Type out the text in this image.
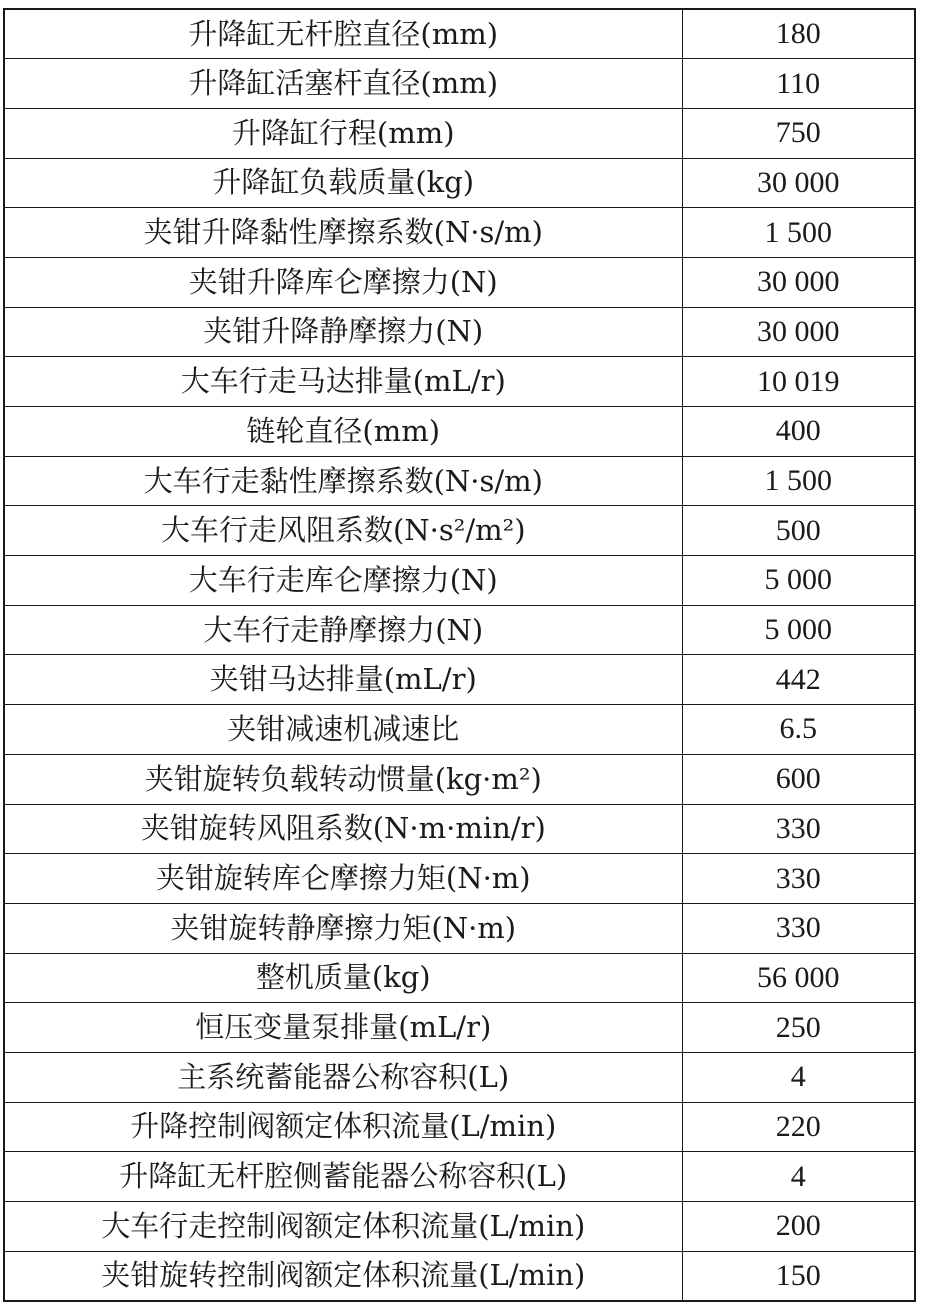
升降缸无杆腔直径(mm)	180
升降缸活塞杆直径(mm)	110
升降缸行程(mm)	750
升降缸负载质量(kg)	30 000
夹钳升降黏性摩擦系数(N·s/m)	1 500
夹钳升降库仑摩擦力(N)	30 000
夹钳升降静摩擦力(N)	30 000
大车行走马达排量(mL/r)	10 019
链轮直径(mm)	400
大车行走黏性摩擦系数(N·s/m)	1 500
大车行走风阻系数(N·s²/m²)	500
大车行走库仑摩擦力(N)	5 000
大车行走静摩擦力(N)	5 000
夹钳马达排量(mL/r)	442
夹钳减速机减速比	6.5
夹钳旋转负载转动惯量(kg·m²)	600
夹钳旋转风阻系数(N·m·min/r)	330
夹钳旋转库仑摩擦力矩(N·m)	330
夹钳旋转静摩擦力矩(N·m)	330
整机质量(kg)	56 000
恒压变量泵排量(mL/r)	250
主系统蓄能器公称容积(L)	4
升降控制阀额定体积流量(L/min)	220
升降缸无杆腔侧蓄能器公称容积(L)	4
大车行走控制阀额定体积流量(L/min)	200
夹钳旋转控制阀额定体积流量(L/min)	150
